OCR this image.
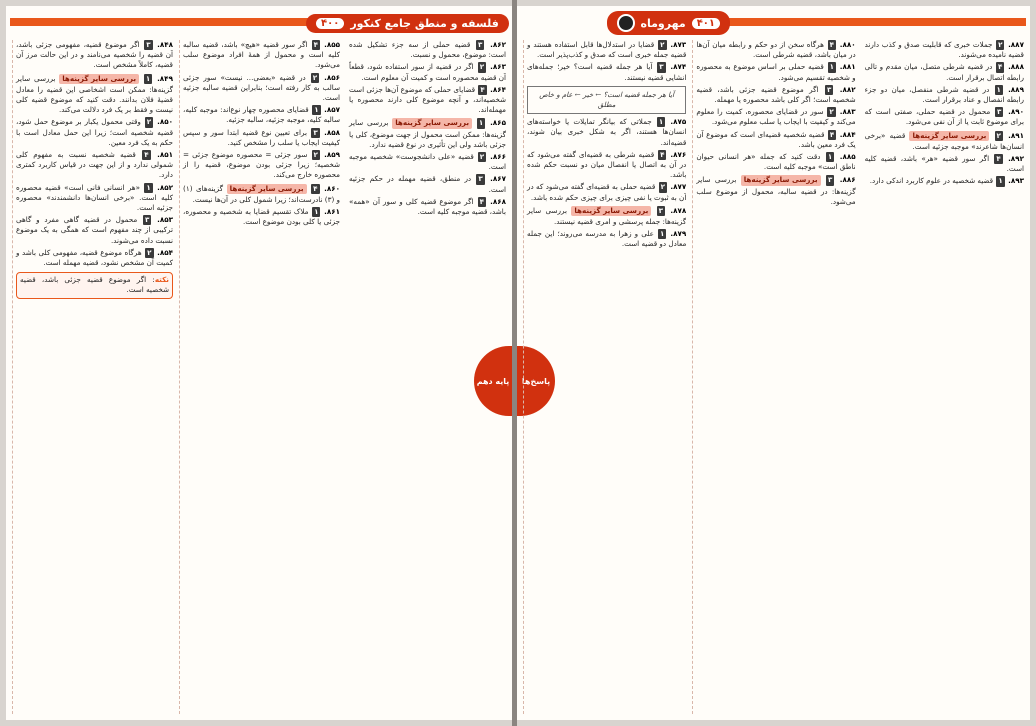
۴۰۰	فلسفه و منطق جامع کنکور
پایه دهم
۸۴۸. ۳ اگر موضوع قضیه، مفهومی جزئی باشد، آن قضیه را شخصیه می‌نامند و در این حالت مرز آن قضیه، کاملاً مشخص است.
۸۴۹. ۱ بررسی سایر گزینه‌ها بررسی سایر گزینه‌ها: ممکن است اشخاصی این قضیه را معادل قضیهٔ فلان بدانند. دقت کنید که موضوع قضیه کلی نیست و فقط بر یک فرد دلالت می‌کند.
۸۵۰. ۲ وقتی محمول یکبار بر موضوع حمل شود، قضیه شخصیه است؛ زیرا این حمل معادل است با حکم به یک فرد معین.
۸۵۱. ۴ قضیه شخصیه نسبت به مفهوم کلی شمولی ندارد و از این جهت در قیاس کاربرد کمتری دارد.
۸۵۲. ۱ «هر انسانی فانی است» قضیه محصوره کلیه است. «برخی انسان‌ها دانشمندند» محصوره جزئیه است.
۸۵۳. ۳ محمول در قضیه گاهی مفرد و گاهی ترکیبی از چند مفهوم است که همگی به یک موضوع نسبت داده می‌شوند.
۸۵۴. ۲ هرگاه موضوع قضیه، مفهومی کلی باشد و کمیت آن مشخص نشود، قضیه مهمله است.
نکته: اگر موضوع قضیه جزئی باشد، قضیه شخصیه است.
۸۵۵. ۴ اگر سور قضیه «هیچ» باشد، قضیه سالبه کلیه است و محمول از همهٔ افراد موضوع سلب می‌شود.
۸۵۶. ۲ در قضیه «بعضی... نیست» سور جزئی سالب به کار رفته است؛ بنابراین قضیه سالبه جزئیه است.
۸۵۷. ۱ قضایای محصوره چهار نوع‌اند: موجبه کلیه، سالبه کلیه، موجبه جزئیه، سالبه جزئیه.
۸۵۸. ۳ برای تعیین نوع قضیه ابتدا سور و سپس کیفیت ایجاب یا سلب را مشخص کنید.
۸۵۹. ۲ سور جزئی = محصوره موضوع جزئی = شخصیه؛ زیرا جزئی بودن موضوع، قضیه را از محصوره خارج می‌کند.
۸۶۰. ۴ بررسی سایر گزینه‌ها گزینه‌های (۱) و (۳) نادرست‌اند؛ زیرا شمول کلی در آن‌ها نیست.
۸۶۱. ۱ ملاک تقسیم قضایا به شخصیه و محصوره، جزئی یا کلی بودن موضوع است.
۸۶۲. ۳ قضیه حملی از سه جزء تشکیل شده است: موضوع، محمول و نسبت.
۸۶۳. ۲ اگر در قضیه از سور استفاده شود، قطعاً آن قضیه محصوره است و کمیت آن معلوم است.
۸۶۴. ۴ قضایای حملی که موضوع آن‌ها جزئی است شخصیه‌اند، و آنچه موضوع کلی دارند محصوره یا مهمله‌اند.
۸۶۵. ۱ بررسی سایر گزینه‌ها بررسی سایر گزینه‌ها: ممکن است محمول از جهت موضوع، کلی یا جزئی باشد ولی این تأثیری در نوع قضیه ندارد.
۸۶۶. ۲ قضیه «علی دانشجوست» شخصیه موجبه است.
۸۶۷. ۳ در منطق، قضیه مهمله در حکم جزئیه است.
۸۶۸. ۴ اگر موضوع قضیه کلی و سور آن «همه» باشد، قضیه موجبه کلیه است.
مهروماه	۴۰۱
پاسخ‌ها
۸۷۳. ۲ قضایا در استدلال‌ها قابل استفاده هستند و قضیه جمله خبری است که صدق و کذب‌پذیر است.
۸۷۴. ۳ آیا هر جمله قضیه است؟ خیر؛ جمله‌های انشایی قضیه نیستند.
آیا هر جمله قضیه است؟ ← خیر ← عام و خاص مطلق
۸۷۵. ۱ جملاتی که بیانگر تمایلات یا خواسته‌های انسان‌ها هستند، اگر به شکل خبری بیان شوند، قضیه‌اند.
۸۷۶. ۴ قضیه شرطی به قضیه‌ای گفته می‌شود که در آن به اتصال یا انفصال میان دو نسبت حکم شده باشد.
۸۷۷. ۲ قضیه حملی به قضیه‌ای گفته می‌شود که در آن به ثبوت یا نفی چیزی برای چیزی حکم شده باشد.
۸۷۸. ۳ بررسی سایر گزینه‌ها بررسی سایر گزینه‌ها: جمله پرسشی و امری قضیه نیستند.
۸۷۹. ۱ علی و زهرا به مدرسه می‌روند؛ این جمله معادل دو قضیه است.
۸۸۰. ۴ هرگاه سخن از دو حکم و رابطه میان آن‌ها در میان باشد، قضیه شرطی است.
۸۸۱. ۱ قضیه حملی بر اساس موضوع به محصوره و شخصیه تقسیم می‌شود.
۸۸۲. ۳ اگر موضوع قضیه جزئی باشد، قضیه شخصیه است؛ اگر کلی باشد محصوره یا مهمله.
۸۸۳. ۲ سور در قضایای محصوره، کمیت را معلوم می‌کند و کیفیت با ایجاب یا سلب معلوم می‌شود.
۸۸۴. ۴ قضیه شخصیه قضیه‌ای است که موضوع آن یک فرد معین باشد.
۸۸۵. ۱ دقت کنید که جمله «هر انسانی حیوان ناطق است» موجبه کلیه است.
۸۸۶. ۳ بررسی سایر گزینه‌ها بررسی سایر گزینه‌ها: در قضیه سالبه، محمول از موضوع سلب می‌شود.
۸۸۷. ۲ جملات خبری که قابلیت صدق و کذب دارند قضیه نامیده می‌شوند.
۸۸۸. ۴ در قضیه شرطی متصل، میان مقدم و تالی رابطه اتصال برقرار است.
۸۸۹. ۱ در قضیه شرطی منفصل، میان دو جزء رابطه انفصال و عناد برقرار است.
۸۹۰. ۳ محمول در قضیه حملی، صفتی است که برای موضوع ثابت یا از آن نفی می‌شود.
۸۹۱. ۲ بررسی سایر گزینه‌ها قضیه «برخی انسان‌ها شاعرند» موجبه جزئیه است.
۸۹۲. ۴ اگر سور قضیه «هر» باشد، قضیه کلیه است.
۸۹۳. ۱ قضیه شخصیه در علوم کاربرد اندکی دارد.
